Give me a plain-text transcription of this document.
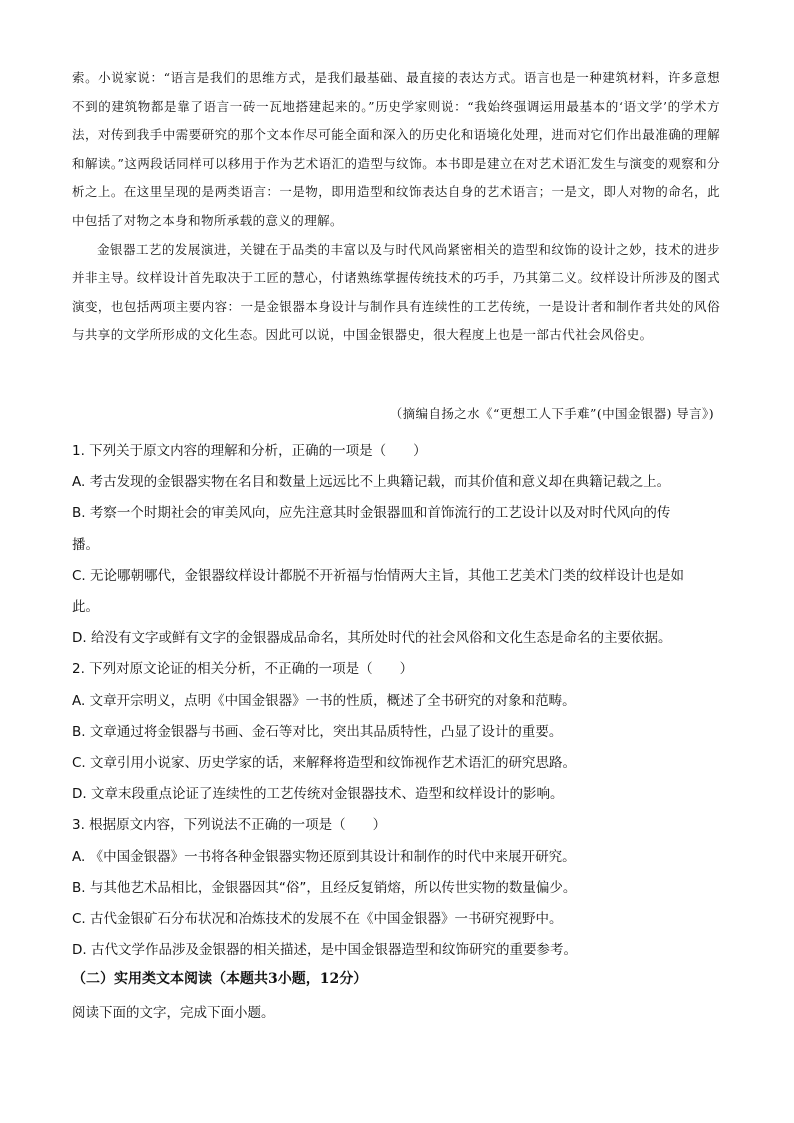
索。小说家说：“语言是我们的思维方式，是我们最基础、最直接的表达方式。语言也是一种建筑材料，许多意想不到的建筑物都是靠了语言一砖一瓦地搭建起来的。”历史学家则说：“我始终强调运用最基本的‘语文学’的学术方法，对传到我手中需要研究的那个文本作尽可能全面和深入的历史化和语境化处理，进而对它们作出最准确的理解和解读。”这两段话同样可以移用于作为艺术语汇的造型与纹饰。本书即是建立在对艺术语汇发生与演变的观察和分析之上。在这里呈现的是两类语言：一是物，即用造型和纹饰表达自身的艺术语言；一是文，即人对物的命名，此中包括了对物之本身和物所承载的意义的理解。

金银器工艺的发展演进，关键在于品类的丰富以及与时代风尚紧密相关的造型和纹饰的设计之妙，技术的进步并非主导。纹样设计首先取决于工匠的慧心，付诸熟练掌握传统技术的巧手，乃其第二义。纹样设计所涉及的图式演变，也包括两项主要内容：一是金银器本身设计与制作具有连续性的工艺传统，一是设计者和制作者共处的风俗与共享的文学所形成的文化生态。因此可以说，中国金银器史，很大程度上也是一部古代社会风俗史。

（摘编自扬之水《“更想工人下手难”(中国金银器) 导言》)
1. 下列关于原文内容的理解和分析，正确的一项是（　　）
A. 考古发现的金银器实物在名目和数量上远远比不上典籍记载，而其价值和意义却在典籍记载之上。
B. 考察一个时期社会的审美风向，应先注意其时金银器皿和首饰流行的工艺设计以及对时代风向的传
播。
C. 无论哪朝哪代，金银器纹样设计都脱不开祈福与怡情两大主旨，其他工艺美术门类的纹样设计也是如
此。
D. 给没有文字或鲜有文字的金银器成品命名，其所处时代的社会风俗和文化生态是命名的主要依据。
2. 下列对原文论证的相关分析，不正确的一项是（　　）
A. 文章开宗明义，点明《中国金银器》一书的性质，概述了全书研究的对象和范畴。
B. 文章通过将金银器与书画、金石等对比，突出其品质特性，凸显了设计的重要。
C. 文章引用小说家、历史学家的话，来解释将造型和纹饰视作艺术语汇的研究思路。
D. 文章末段重点论证了连续性的工艺传统对金银器技术、造型和纹样设计的影响。
3. 根据原文内容，下列说法不正确的一项是（　　）
A. 《中国金银器》一书将各种金银器实物还原到其设计和制作的时代中来展开研究。
B. 与其他艺术品相比，金银器因其“俗”，且经反复销熔，所以传世实物的数量偏少。
C. 古代金银矿石分布状况和冶炼技术的发展不在《中国金银器》一书研究视野中。
D. 古代文学作品涉及金银器的相关描述，是中国金银器造型和纹饰研究的重要参考。
（二）实用类文本阅读（本题共3小题，12分）
阅读下面的文字，完成下面小题。
